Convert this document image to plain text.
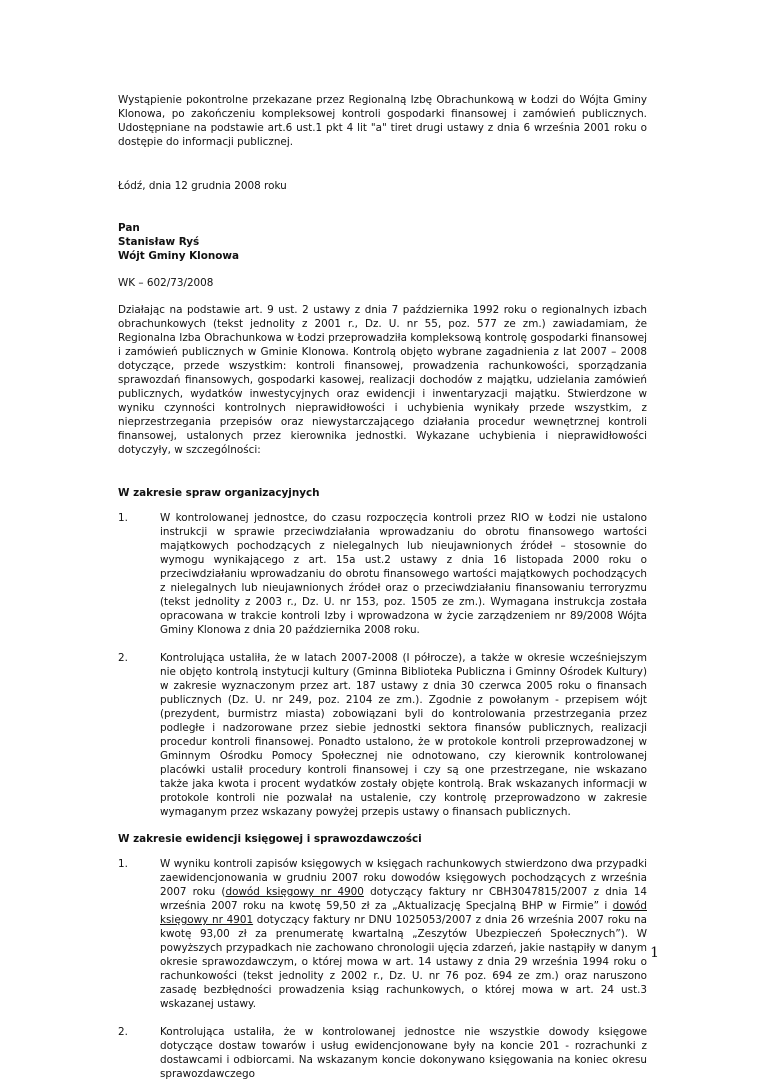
Wystąpienie pokontrolne przekazane przez Regionalną Izbę Obrachunkową w Łodzi do Wójta Gminy Klonowa, po zakończeniu kompleksowej kontroli gospodarki finansowej i zamówień publicznych. Udostępniane na podstawie art.6 ust.1 pkt 4 lit "a" tiret drugi ustawy z dnia 6 września 2001 roku o dostępie do informacji publicznej.

Łódź, dnia 12 grudnia 2008 roku

Pan

Stanisław Ryś

Wójt Gminy Klonowa

WK – 602/73/2008

Działając na podstawie art. 9 ust. 2 ustawy z dnia 7 października 1992 roku o regionalnych izbach obrachunkowych (tekst jednolity z 2001 r., Dz. U. nr 55, poz. 577 ze zm.) zawiadamiam, że Regionalna Izba Obrachunkowa w Łodzi przeprowadziła kompleksową kontrolę gospodarki finansowej i zamówień publicznych w Gminie Klonowa. Kontrolą objęto wybrane zagadnienia z lat 2007 – 2008 dotyczące, przede wszystkim: kontroli finansowej, prowadzenia rachunkowości, sporządzania sprawozdań finansowych, gospodarki kasowej, realizacji dochodów z majątku, udzielania zamówień publicznych, wydatków inwestycyjnych oraz ewidencji i inwentaryzacji majątku. Stwierdzone w wyniku czynności kontrolnych nieprawidłowości i uchybienia wynikały przede wszystkim, z nieprzestrzegania przepisów oraz niewystarczającego działania procedur wewnętrznej kontroli finansowej, ustalonych przez kierownika jednostki. Wykazane uchybienia i nieprawidłowości dotyczyły, w szczególności:

W zakresie spraw organizacyjnych
1.	W kontrolowanej jednostce, do czasu rozpoczęcia kontroli przez RIO w Łodzi nie ustalono instrukcji w sprawie przeciwdziałania wprowadzaniu do obrotu finansowego wartości majątkowych pochodzących z nielegalnych lub nieujawnionych źródeł – stosownie do wymogu wynikającego z art. 15a ust.2 ustawy z dnia 16 listopada 2000 roku o przeciwdziałaniu wprowadzaniu do obrotu finansowego wartości majątkowych pochodzących z nielegalnych lub nieujawnionych źródeł oraz o przeciwdziałaniu finansowaniu terroryzmu (tekst jednolity z 2003 r., Dz. U. nr 153, poz. 1505 ze zm.). Wymagana instrukcja została opracowana w trakcie kontroli Izby i wprowadzona w życie zarządzeniem nr 89/2008 Wójta Gminy Klonowa z dnia 20 października 2008 roku.

2.	Kontrolująca ustaliła, że w latach 2007-2008 (I półrocze), a także w okresie wcześniejszym nie objęto kontrolą instytucji kultury (Gminna Biblioteka Publiczna i Gminny Ośrodek Kultury) w zakresie wyznaczonym przez art. 187 ustawy z dnia 30 czerwca 2005 roku o finansach publicznych (Dz. U. nr 249, poz. 2104 ze zm.). Zgodnie z powołanym - przepisem wójt (prezydent, burmistrz miasta) zobowiązani byli do kontrolowania przestrzegania przez podległe i nadzorowane przez siebie jednostki sektora finansów publicznych, realizacji procedur kontroli finansowej. Ponadto ustalono, że w protokole kontroli przeprowadzonej w Gminnym Ośrodku Pomocy Społecznej nie odnotowano, czy kierownik kontrolowanej placówki ustalił procedury kontroli finansowej i czy są one przestrzegane, nie wskazano także jaka kwota i procent wydatków zostały objęte kontrolą. Brak wskazanych informacji w protokole kontroli nie pozwalał na ustalenie, czy kontrolę przeprowadzono w zakresie wymaganym przez wskazany powyżej przepis ustawy o finansach publicznych.

W zakresie ewidencji księgowej i sprawozdawczości
1.	W wyniku kontroli zapisów księgowych w księgach rachunkowych stwierdzono dwa przypadki zaewidencjonowania w grudniu 2007 roku dowodów księgowych pochodzących z września 2007 roku (dowód księgowy nr 4900 dotyczący faktury nr CBH3047815/2007 z dnia 14 września 2007 roku na kwotę 59,50 zł za „Aktualizację Specjalną BHP w Firmie” i dowód księgowy nr 4901 dotyczący faktury nr DNU 1025053/2007 z dnia 26 września 2007 roku na kwotę 93,00 zł za prenumeratę kwartalną „Zeszytów Ubezpieczeń Społecznych”). W powyższych przypadkach nie zachowano chronologii ujęcia zdarzeń, jakie nastąpiły w danym okresie sprawozdawczym, o której mowa w art. 14 ustawy z dnia 29 września 1994 roku o rachunkowości (tekst jednolity z 2002 r., Dz. U. nr 76 poz. 694 ze zm.) oraz naruszono zasadę bezbłędności prowadzenia ksiąg rachunkowych, o której mowa w art. 24 ust.3 wskazanej ustawy.

2.	Kontrolująca ustaliła, że w kontrolowanej jednostce nie wszystkie dowody księgowe dotyczące dostaw towarów i usług ewidencjonowane były na koncie 201 - rozrachunki z dostawcami i odbiorcami. Na wskazanym koncie dokonywano księgowania na koniec okresu sprawozdawczego

1
